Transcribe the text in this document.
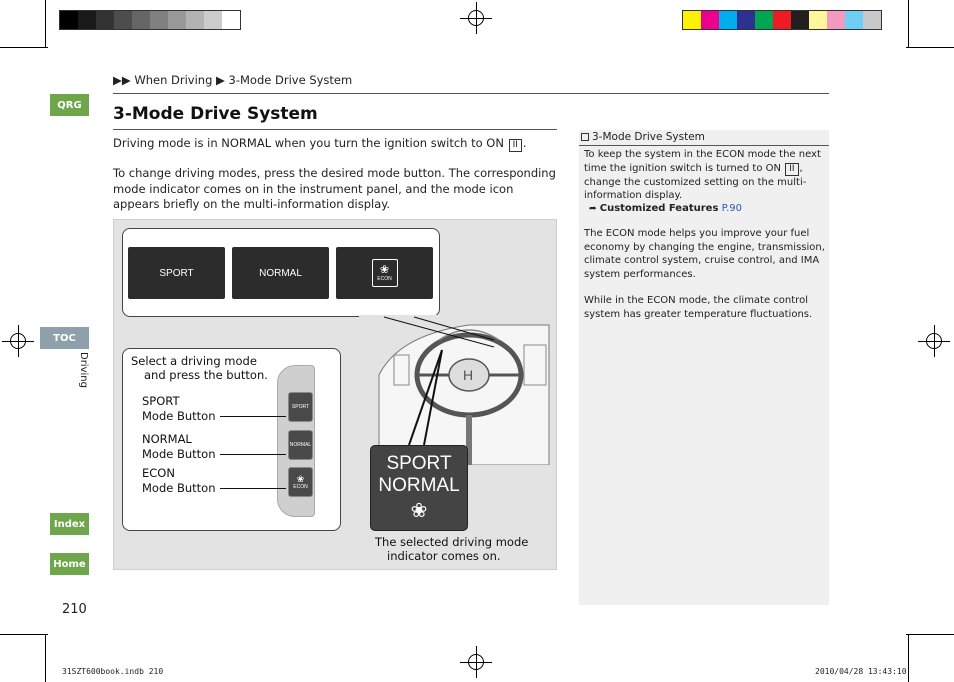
QRG
TOC
Driving
Index
Home
▶▶ When Driving ▶ 3-Mode Drive System
3-Mode Drive System
Driving mode is in NORMAL when you turn the ignition switch to ON II .
To change driving modes, press the desired mode button. The corresponding mode indicator comes on in the instrument panel, and the mode icon appears briefly on the multi-information display.
SPORT	NORMAL	❀
ECON
H
Select a driving mode
and press the button.
SPORT
NORMAL
❀
ECON
SPORT
Mode Button
NORMAL
Mode Button
ECON
Mode Button
SPORT
NORMAL
❀
The selected driving mode
indicator comes on.
3-Mode Drive System

To keep the system in the ECON mode the next time the ignition switch is turned to ON II , change the customized setting on the multi-information display.

➦ Customized Features P.90

The ECON mode helps you improve your fuel economy by changing the engine, transmission, climate control system, cruise control, and IMA system performances.

While in the ECON mode, the climate control system has greater temperature fluctuations.

210
31SZT600book.indb 210	2010/04/28 13:43:10
